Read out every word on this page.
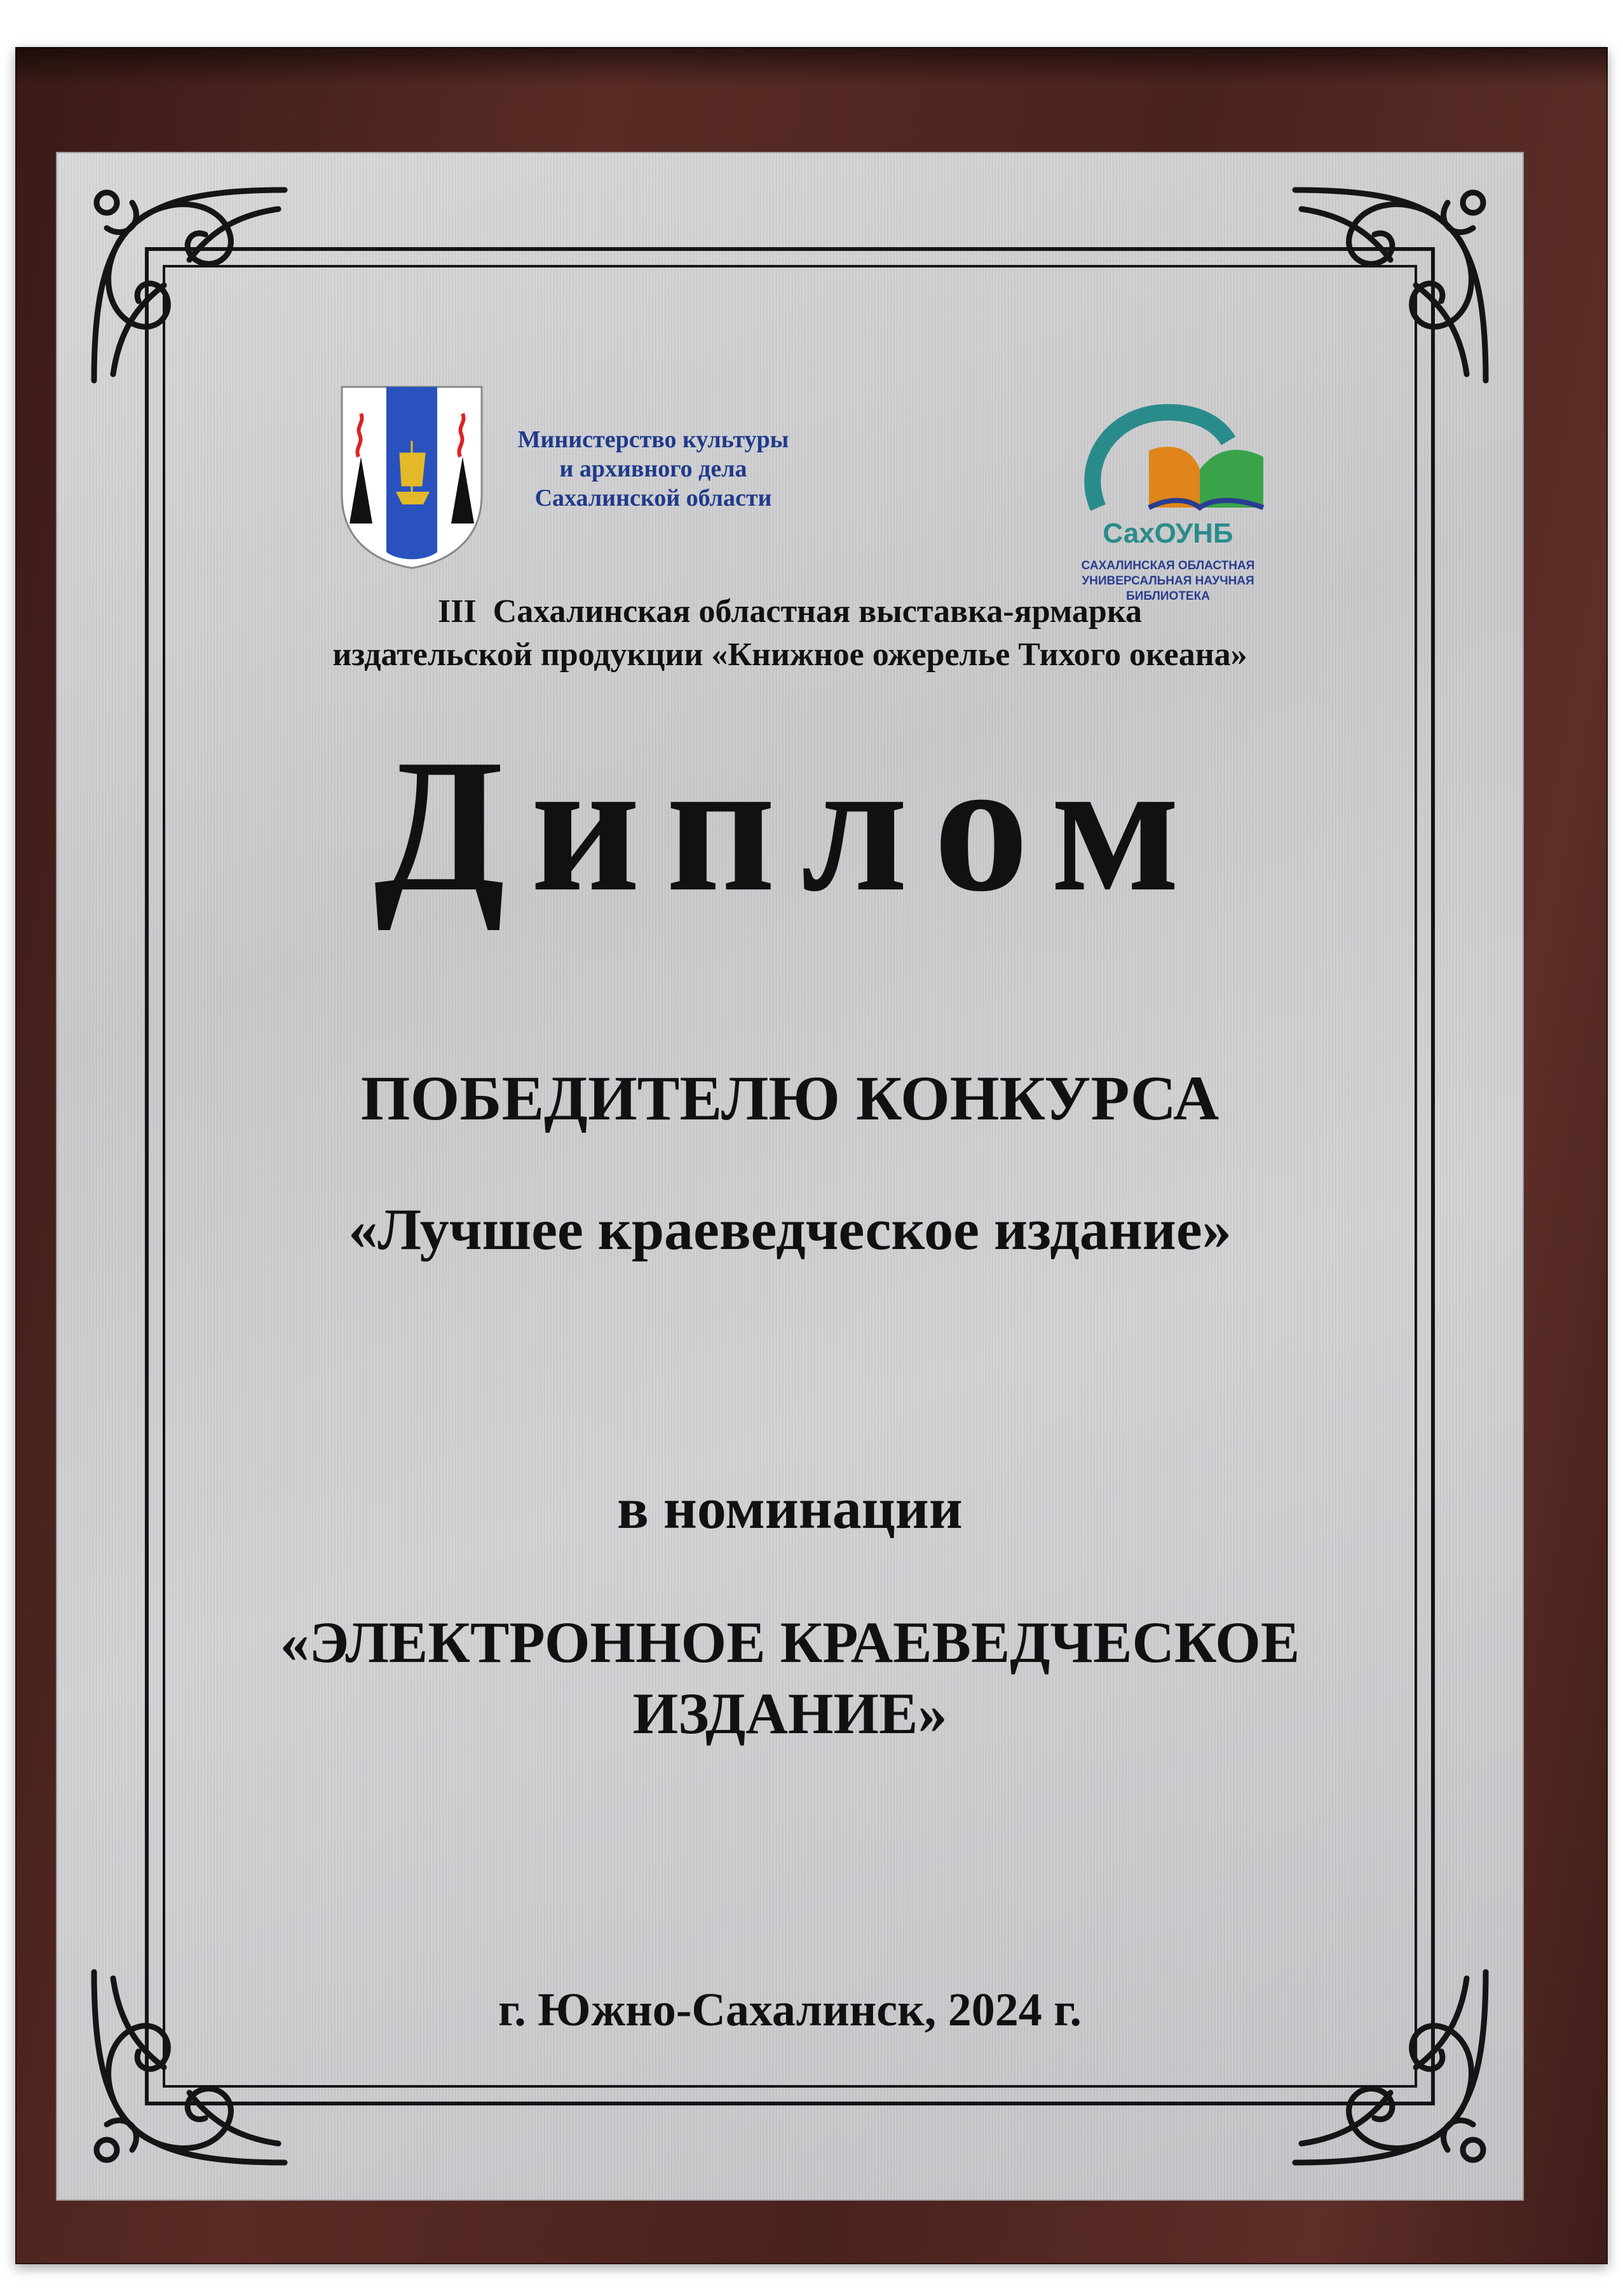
Министерство культуры
и архивного дела
Сахалинской области
СахОУНБ
САХАЛИНСКАЯ ОБЛАСТНАЯ
УНИВЕРСАЛЬНАЯ НАУЧНАЯ
БИБЛИОТЕКА
III  Сахалинская областная выставка-ярмарка
издательской продукции «Книжное ожерелье Тихого океана»
Диплом
ПОБЕДИТЕЛЮ КОНКУРСА
«Лучшее краеведческое издание»
в номинации
«ЭЛЕКТРОННОЕ КРАЕВЕДЧЕСКОЕ
ИЗДАНИЕ»
г. Южно-Сахалинск, 2024 г.
